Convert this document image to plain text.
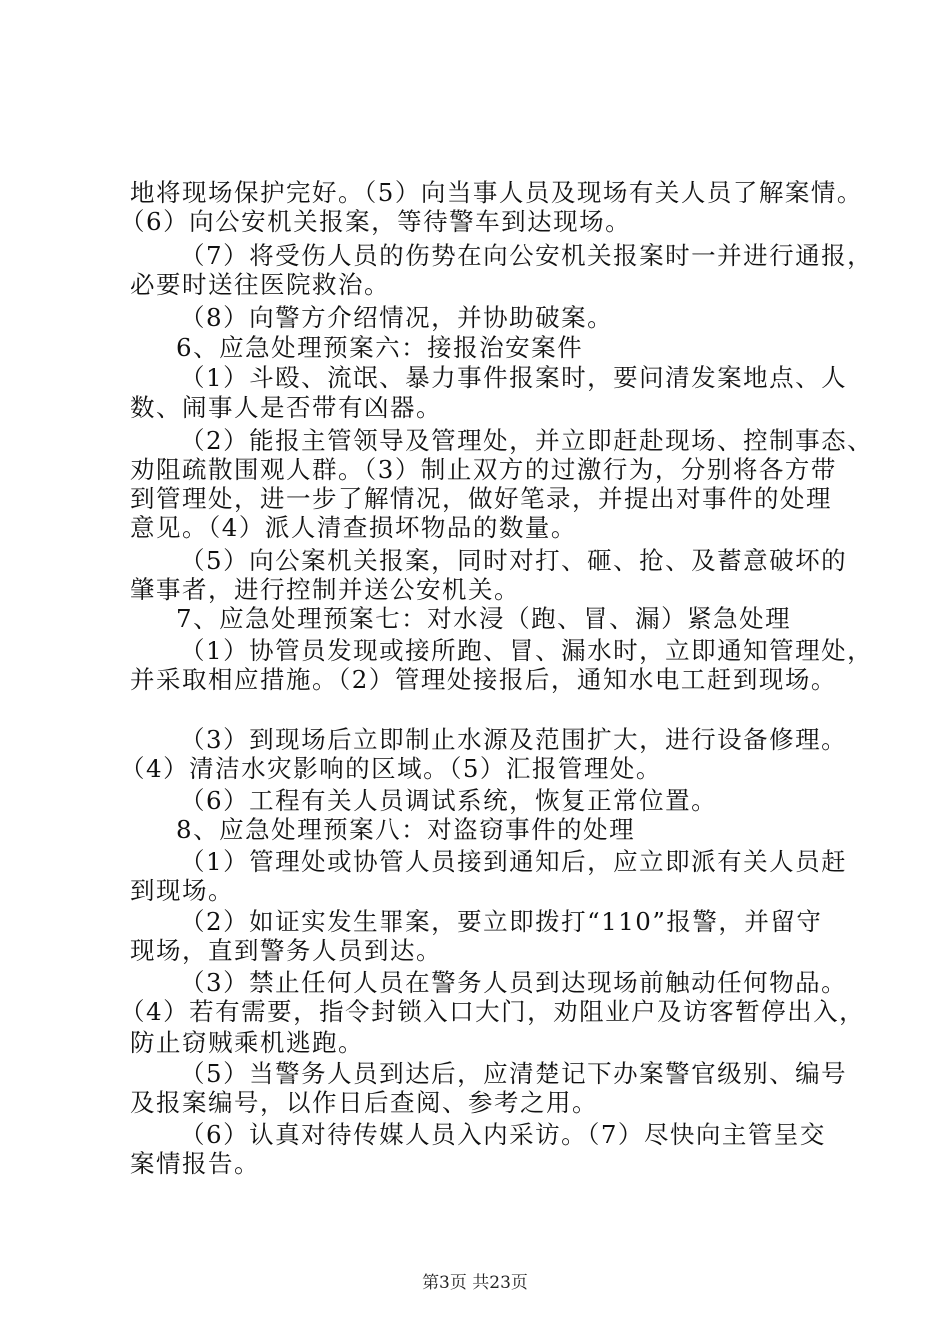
地将现场保护完好。（5）向当事人员及现场有关人员了解案情。
（6）向公安机关报案，等待警车到达现场。
（7）将受伤人员的伤势在向公安机关报案时一并进行通报，
必要时送往医院救治。
（8）向警方介绍情况，并协助破案。
6、应急处理预案六：接报治安案件
（1）斗殴、流氓、暴力事件报案时，要问清发案地点、人
数、闹事人是否带有凶器。
（2）能报主管领导及管理处，并立即赶赴现场、控制事态、
劝阻疏散围观人群。（3）制止双方的过激行为，分别将各方带
到管理处，进一步了解情况，做好笔录，并提出对事件的处理
意见。（4）派人清查损坏物品的数量。
（5）向公案机关报案，同时对打、砸、抢、及蓄意破坏的
肇事者，进行控制并送公安机关。
7、应急处理预案七：对水浸（跑、冒、漏）紧急处理
（1）协管员发现或接所跑、冒、漏水时，立即通知管理处，
并采取相应措施。（2）管理处接报后，通知水电工赶到现场。
（3）到现场后立即制止水源及范围扩大，进行设备修理。
（4）清洁水灾影响的区域。（5）汇报管理处。
（6）工程有关人员调试系统，恢复正常位置。
8、应急处理预案八：对盗窃事件的处理
（1）管理处或协管人员接到通知后，应立即派有关人员赶
到现场。
（2）如证实发生罪案，要立即拨打“110”报警，并留守
现场，直到警务人员到达。
（3）禁止任何人员在警务人员到达现场前触动任何物品。
（4）若有需要，指令封锁入口大门，劝阻业户及访客暂停出入，
防止窃贼乘机逃跑。
（5）当警务人员到达后，应清楚记下办案警官级别、编号
及报案编号，以作日后查阅、参考之用。
（6）认真对待传媒人员入内采访。（7）尽快向主管呈交
案情报告。
第3页 共23页
